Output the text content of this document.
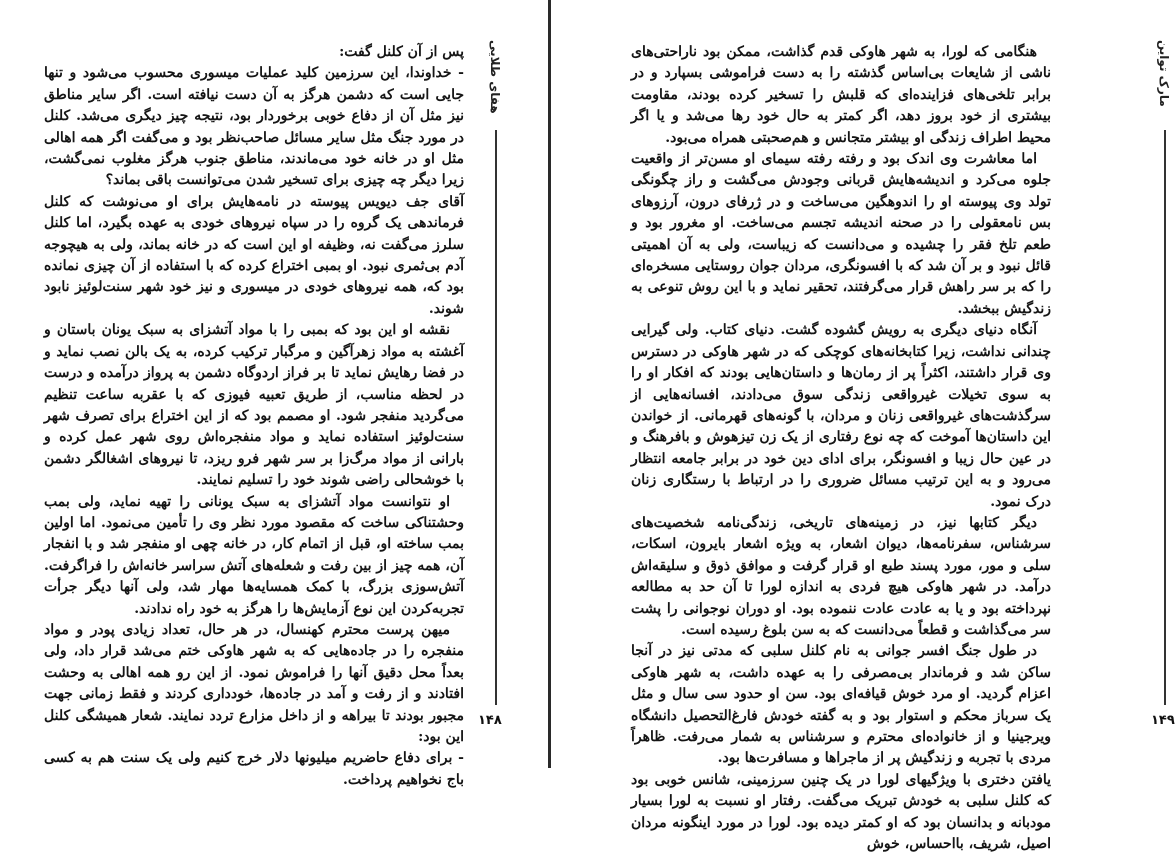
پس از آن کلنل گفت:

- خداوندا، این سرزمین کلید عملیات میسوری محسوب می‌شود و تنها جایی است که دشمن هرگز به آن دست نیافته است. اگر سایر مناطق نیز مثل آن از دفاع خوبی برخوردار بود، نتیجه چیز دیگری می‌شد. کلنل در مورد جنگ مثل سایر مسائل صاحب‌نظر بود و می‌گفت اگر همه اهالی مثل او در خانه خود می‌ماندند، مناطق جنوب هرگز مغلوب نمی‌گشت، زیرا دیگر چه چیزی برای تسخیر شدن می‌توانست باقی بماند؟

آقای جف دیویس پیوسته در نامه‌هایش برای او می‌نوشت که کلنل فرماندهی یک گروه را در سپاه نیروهای خودی به عهده بگیرد، اما کلنل سلرز می‌گفت نه، وظیفه او این است که در خانه بماند، ولی به هیچوجه آدم بی‌ثمری نبود. او بمبی اختراع کرده که با استفاده از آن چیزی نمانده بود که، همه نیروهای خودی در میسوری و نیز خود شهر سنت‌لوئیز نابود شوند.

نقشه او این بود که بمبی را با مواد آتشزای به سبک یونان باستان و آغشته به مواد زهرآگین و مرگبار ترکیب کرده، به یک بالن نصب نماید و در فضا رهایش نماید تا بر فراز اردوگاه دشمن به پرواز درآمده و درست در لحظه مناسب، از طریق تعبیه فیوزی که با عقربه ساعت تنظیم می‌گردید منفجر شود. او مصمم بود که از این اختراع برای تصرف شهر سنت‌لوئیز استفاده نماید و مواد منفجره‌اش روی شهر عمل کرده و بارانی از مواد مرگ‌زا بر سر شهر فرو ریزد، تا نیروهای اشغالگر دشمن با خوشحالی راضی شوند خود را تسلیم نمایند.

او نتوانست مواد آتشزای به سبک یونانی را تهیه نماید، ولی بمب وحشتناکی ساخت که مقصود مورد نظر وی را تأمین می‌نمود. اما اولین بمب ساخته او، قبل از اتمام کار، در خانه چهی او منفجر شد و با انفجار آن، همه چیز از بین رفت و شعله‌های آتش سراسر خانه‌اش را فراگرفت. آتش‌سوزی بزرگ، با کمک همسایه‌ها مهار شد، ولی آنها دیگر جرأت تجربه‌کردن این نوع آزمایش‌ها را هرگز به خود راه ندادند.

میهن پرست محترم کهنسال، در هر حال، تعداد زیادی پودر و مواد منفجره را در جاده‌هایی که به شهر هاوکی ختم می‌شد قرار داد، ولی بعداً محل دقیق آنها را فراموش نمود. از این رو همه اهالی به وحشت افتادند و از رفت و آمد در جاده‌ها، خودداری کردند و فقط زمانی جهت مجبور بودند تا بیراهه و از داخل مزارع تردد نمایند. شعار همیشگی کلنل این بود:

- برای دفاع حاضریم میلیونها دلار خرج کنیم ولی یک سنت هم به کسی باج نخواهیم پرداخت.

هفای طلایی
۱۴۸

هنگامی که لورا، به شهر هاوکی قدم گذاشت، ممکن بود ناراحتی‌های ناشی از شایعات بی‌اساس گذشته را به دست فراموشی بسپارد و در برابر تلخی‌های فزاینده‌ای که قلبش را تسخیر کرده بودند، مقاومت بیشتری از خود بروز دهد، اگر کمتر به حال خود رها می‌شد و یا اگر محیط اطراف زندگی او بیشتر متجانس و هم‌صحبتی همراه می‌بود.

اما معاشرت وی اندک بود و رفته رفته سیمای او مسن‌تر از واقعیت جلوه می‌کرد و اندیشه‌هایش قربانی وجودش می‌گشت و راز چگونگی تولد وی پیوسته او را اندوهگین می‌ساخت و در ژرفای درون، آرزوهای بس نامعقولی را در صحنه اندیشه تجسم می‌ساخت. او مغرور بود و طعم تلخ فقر را چشیده و می‌دانست که زیباست، ولی به آن اهمیتی قائل نبود و بر آن شد که با افسونگری، مردان جوان روستایی مسخره‌ای را که بر سر راهش قرار می‌گرفتند، تحقیر نماید و با این روش تنوعی به زندگیش ببخشد.

آنگاه دنیای دیگری به رویش گشوده گشت. دنیای کتاب. ولی گیرایی چندانی نداشت، زیرا کتابخانه‌های کوچکی که در شهر هاوکی در دسترس وی قرار داشتند، اکثراً پر از رمان‌ها و داستان‌هایی بودند که افکار او را به سوی تخیلات غیرواقعی زندگی سوق می‌دادند، افسانه‌هایی از سرگذشت‌های غیرواقعی زنان و مردان، با گونه‌های قهرمانی. از خواندن این داستان‌ها آموخت که چه نوع رفتاری از یک زن تیزهوش و بافرهنگ و در عین حال زیبا و افسونگر، برای ادای دین خود در برابر جامعه انتظار می‌رود و به این ترتیب مسائل ضروری را در ارتباط با رستگاری زنان درک نمود.

دیگر کتابها نیز، در زمینه‌های تاریخی، زندگی‌نامه شخصیت‌های سرشناس، سفرنامه‌ها، دیوان اشعار، به ویژه اشعار بایرون، اسکات، سلی و مور، مورد پسند طبع او قرار گرفت و موافق ذوق و سلیقه‌اش درآمد. در شهر هاوکی هیچ فردی به اندازه لورا تا آن حد به مطالعه نپرداخته بود و یا به عادت عادت ننموده بود. او دوران نوجوانی را پشت سر می‌گذاشت و قطعاً می‌دانست که به سن بلوغ رسیده است.

در طول جنگ افسر جوانی به نام کلنل سلبی که مدتی نیز در آنجا ساکن شد و فرماندار بی‌مصرفی را به عهده داشت، به شهر هاوکی اعزام گردید. او مرد خوش قیافه‌ای بود. سن او حدود سی سال و مثل یک سرباز محکم و استوار بود و به گفته خودش فارغ‌التحصیل دانشگاه ویرجینیا و از خانواده‌ای محترم و سرشناس به شمار می‌رفت. ظاهراً مردی با تجربه و زندگیش پر از ماجراها و مسافرت‌ها بود.

یافتن دختری با ویژگیهای لورا در یک چنین سرزمینی، شانس خوبی بود که کلنل سلبی به خودش تبریک می‌گفت. رفتار او نسبت به لورا بسیار مودبانه و بدانسان بود که او کمتر دیده بود. لورا در مورد اینگونه مردان اصیل، شریف، بااحساس، خوش

مارک تواین
۱۴۹
